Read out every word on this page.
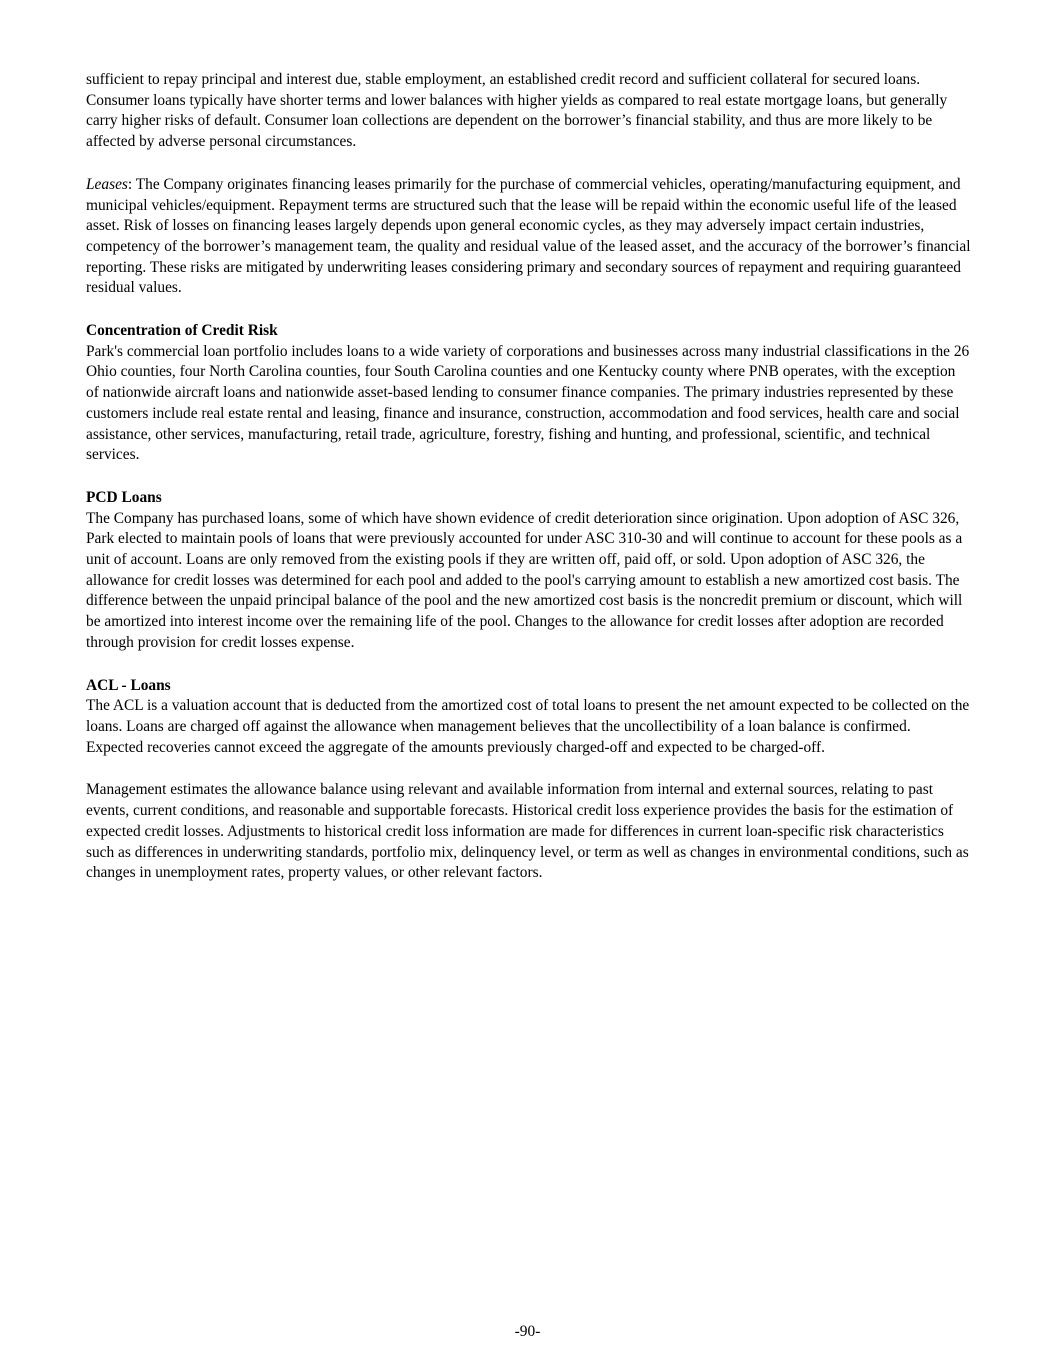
sufficient to repay principal and interest due, stable employment, an established credit record and sufficient collateral for secured loans. Consumer loans typically have shorter terms and lower balances with higher yields as compared to real estate mortgage loans, but generally carry higher risks of default. Consumer loan collections are dependent on the borrower’s financial stability, and thus are more likely to be affected by adverse personal circumstances.

Leases: The Company originates financing leases primarily for the purchase of commercial vehicles, operating/manufacturing equipment, and municipal vehicles/equipment. Repayment terms are structured such that the lease will be repaid within the economic useful life of the leased asset. Risk of losses on financing leases largely depends upon general economic cycles, as they may adversely impact certain industries, competency of the borrower’s management team, the quality and residual value of the leased asset, and the accuracy of the borrower’s financial reporting. These risks are mitigated by underwriting leases considering primary and secondary sources of repayment and requiring guaranteed residual values.

Concentration of Credit Risk

Park's commercial loan portfolio includes loans to a wide variety of corporations and businesses across many industrial classifications in the 26 Ohio counties, four North Carolina counties, four South Carolina counties and one Kentucky county where PNB operates, with the exception of nationwide aircraft loans and nationwide asset-based lending to consumer finance companies. The primary industries represented by these customers include real estate rental and leasing, finance and insurance, construction, accommodation and food services, health care and social assistance, other services, manufacturing, retail trade, agriculture, forestry, fishing and hunting, and professional, scientific, and technical services.

PCD Loans

The Company has purchased loans, some of which have shown evidence of credit deterioration since origination. Upon adoption of ASC 326, Park elected to maintain pools of loans that were previously accounted for under ASC 310-30 and will continue to account for these pools as a unit of account. Loans are only removed from the existing pools if they are written off, paid off, or sold. Upon adoption of ASC 326, the allowance for credit losses was determined for each pool and added to the pool's carrying amount to establish a new amortized cost basis. The difference between the unpaid principal balance of the pool and the new amortized cost basis is the noncredit premium or discount, which will be amortized into interest income over the remaining life of the pool. Changes to the allowance for credit losses after adoption are recorded through provision for credit losses expense.

ACL - Loans

The ACL is a valuation account that is deducted from the amortized cost of total loans to present the net amount expected to be collected on the loans. Loans are charged off against the allowance when management believes that the uncollectibility of a loan balance is confirmed. Expected recoveries cannot exceed the aggregate of the amounts previously charged-off and expected to be charged-off.

Management estimates the allowance balance using relevant and available information from internal and external sources, relating to past events, current conditions, and reasonable and supportable forecasts. Historical credit loss experience provides the basis for the estimation of expected credit losses. Adjustments to historical credit loss information are made for differences in current loan-specific risk characteristics such as differences in underwriting standards, portfolio mix, delinquency level, or term as well as changes in environmental conditions, such as changes in unemployment rates, property values, or other relevant factors.

-90-
